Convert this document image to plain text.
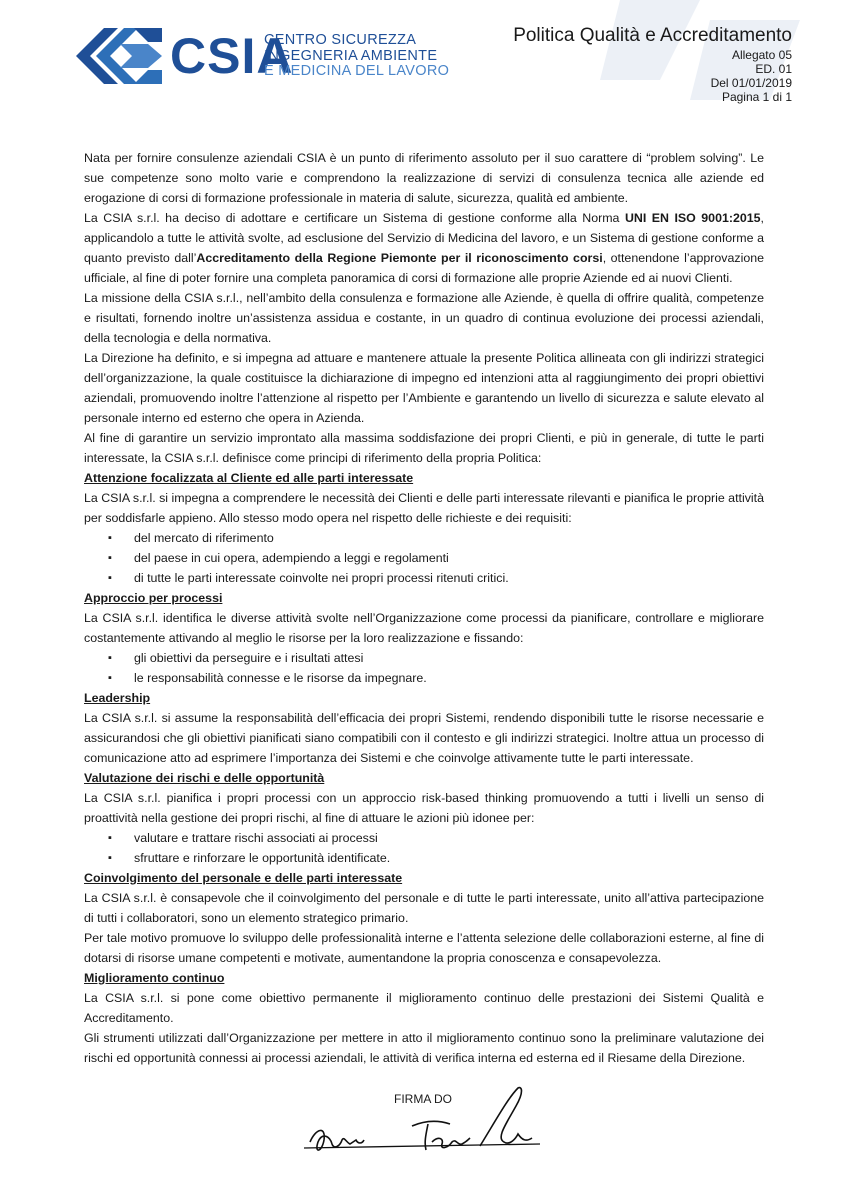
CSIA
CENTRO SICUREZZA
INGEGNERIA AMBIENTE
E MEDICINA DEL LAVORO
Politica Qualità e Accreditamento
Allegato 05
ED. 01
Del 01/01/2019
Pagina 1 di 1

Nata per fornire consulenze aziendali CSIA è un punto di riferimento assoluto per il suo carattere di “problem solving”. Le sue competenze sono molto varie e comprendono la realizzazione di servizi di consulenza tecnica alle aziende ed erogazione di corsi di formazione professionale in materia di salute, sicurezza, qualità ed ambiente.

La CSIA s.r.l. ha deciso di adottare e certificare un Sistema di gestione conforme alla Norma UNI EN ISO 9001:2015, applicandolo a tutte le attività svolte, ad esclusione del Servizio di Medicina del lavoro, e un Sistema di gestione conforme a quanto previsto dall’Accreditamento della Regione Piemonte per il riconoscimento corsi, ottenendone l’approvazione ufficiale, al fine di poter fornire una completa panoramica di corsi di formazione alle proprie Aziende ed ai nuovi Clienti.

La missione della CSIA s.r.l., nell’ambito della consulenza e formazione alle Aziende, è quella di offrire qualità, competenze e risultati, fornendo inoltre un’assistenza assidua e costante, in un quadro di continua evoluzione dei processi aziendali, della tecnologia e della normativa.

La Direzione ha definito, e si impegna ad attuare e mantenere attuale la presente Politica allineata con gli indirizzi strategici dell’organizzazione, la quale costituisce la dichiarazione di impegno ed intenzioni atta al raggiungimento dei propri obiettivi aziendali, promuovendo inoltre l’attenzione al rispetto per l’Ambiente e garantendo un livello di sicurezza e salute elevato al personale interno ed esterno che opera in Azienda.

Al fine di garantire un servizio improntato alla massima soddisfazione dei propri Clienti, e più in generale, di tutte le parti interessate, la CSIA s.r.l. definisce come principi di riferimento della propria Politica:

Attenzione focalizzata al Cliente ed alle parti interessate

La CSIA s.r.l. si impegna a comprendere le necessità dei Clienti e delle parti interessate rilevanti e pianifica le proprie attività per soddisfarle appieno. Allo stesso modo opera nel rispetto delle richieste e dei requisiti:

▪ del mercato di riferimento
▪ del paese in cui opera, adempiendo a leggi e regolamenti
▪ di tutte le parti interessate coinvolte nei propri processi ritenuti critici.

Approccio per processi

La CSIA s.r.l. identifica le diverse attività svolte nell’Organizzazione come processi da pianificare, controllare e migliorare costantemente attivando al meglio le risorse per la loro realizzazione e fissando:

▪ gli obiettivi da perseguire e i risultati attesi
▪ le responsabilità connesse e le risorse da impegnare.

Leadership

La CSIA s.r.l. si assume la responsabilità dell’efficacia dei propri Sistemi, rendendo disponibili tutte le risorse necessarie e assicurandosi che gli obiettivi pianificati siano compatibili con il contesto e gli indirizzi strategici. Inoltre attua un processo di comunicazione atto ad esprimere l’importanza dei Sistemi e che coinvolge attivamente tutte le parti interessate.

Valutazione dei rischi e delle opportunità

La CSIA s.r.l. pianifica i propri processi con un approccio risk-based thinking promuovendo a tutti i livelli un senso di proattività nella gestione dei propri rischi, al fine di attuare le azioni più idonee per:

▪ valutare e trattare rischi associati ai processi
▪ sfruttare e rinforzare le opportunità identificate.

Coinvolgimento del personale e delle parti interessate

La CSIA s.r.l. è consapevole che il coinvolgimento del personale e di tutte le parti interessate, unito all’attiva partecipazione di tutti i collaboratori, sono un elemento strategico primario.

Per tale motivo promuove lo sviluppo delle professionalità interne e l’attenta selezione delle collaborazioni esterne, al fine di dotarsi di risorse umane competenti e motivate, aumentandone la propria conoscenza e consapevolezza.

Miglioramento continuo

La CSIA s.r.l. si pone come obiettivo permanente il miglioramento continuo delle prestazioni dei Sistemi Qualità e Accreditamento.

Gli strumenti utilizzati dall’Organizzazione per mettere in atto il miglioramento continuo sono la preliminare valutazione dei rischi ed opportunità connessi ai processi aziendali, le attività di verifica interna ed esterna ed il Riesame della Direzione.

FIRMA DO
